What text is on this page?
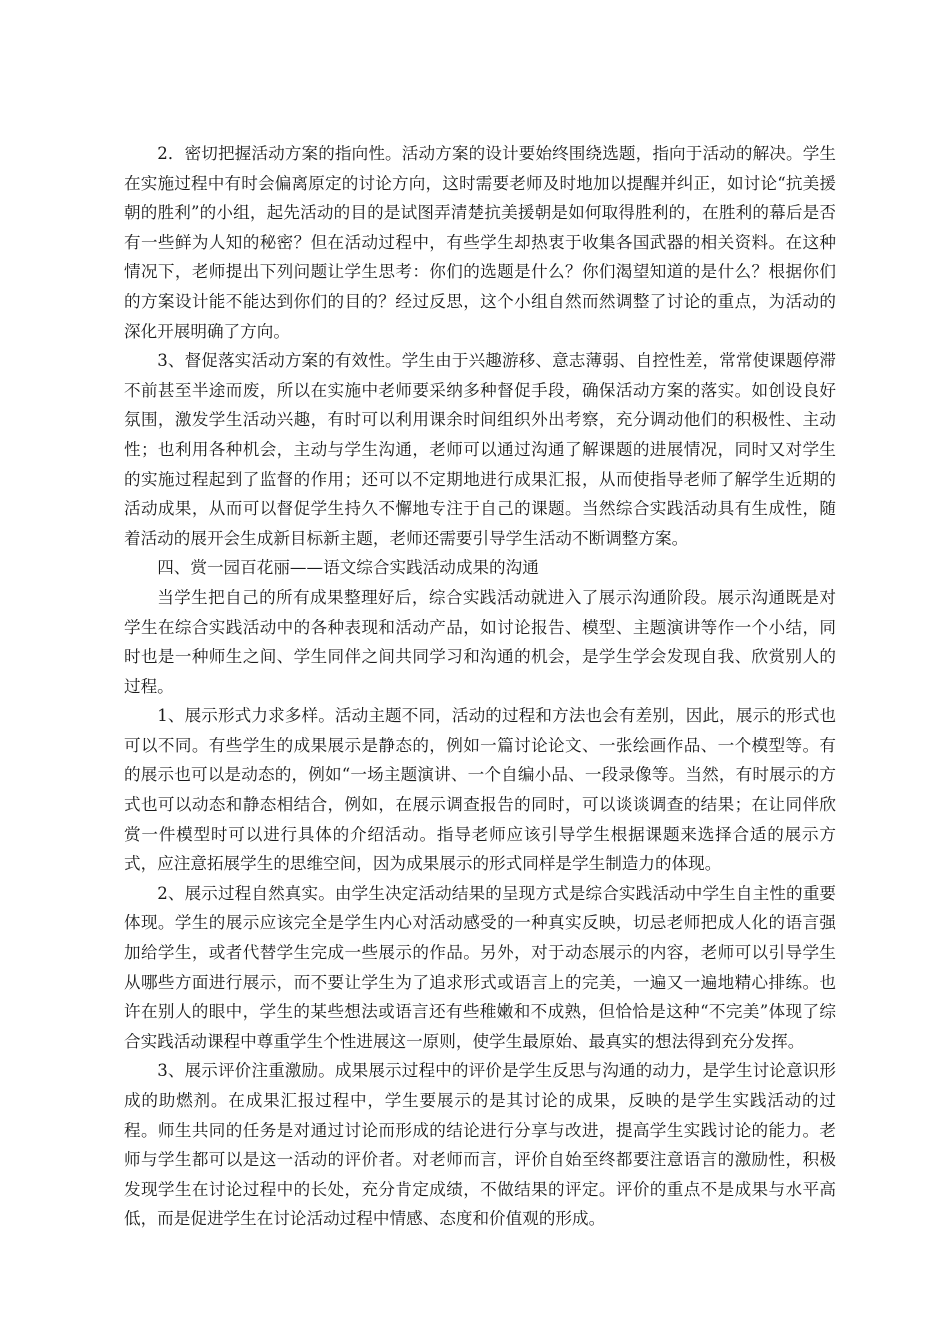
2．密切把握活动方案的指向性。活动方案的设计要始终围绕选题，指向于活动的解决。学生在实施过程中有时会偏离原定的讨论方向，这时需要老师及时地加以提醒并纠正，如讨论“抗美援朝的胜利”的小组，起先活动的目的是试图弄清楚抗美援朝是如何取得胜利的，在胜利的幕后是否有一些鲜为人知的秘密？但在活动过程中，有些学生却热衷于收集各国武器的相关资料。在这种情况下，老师提出下列问题让学生思考：你们的选题是什么？你们渴望知道的是什么？根据你们的方案设计能不能达到你们的目的？经过反思，这个小组自然而然调整了讨论的重点，为活动的深化开展明确了方向。

3、督促落实活动方案的有效性。学生由于兴趣游移、意志薄弱、自控性差，常常使课题停滞不前甚至半途而废，所以在实施中老师要采纳多种督促手段，确保活动方案的落实。如创设良好氛围，激发学生活动兴趣，有时可以利用课余时间组织外出考察，充分调动他们的积极性、主动性；也利用各种机会，主动与学生沟通，老师可以通过沟通了解课题的进展情况，同时又对学生的实施过程起到了监督的作用；还可以不定期地进行成果汇报，从而使指导老师了解学生近期的活动成果，从而可以督促学生持久不懈地专注于自己的课题。当然综合实践活动具有生成性，随着活动的展开会生成新目标新主题，老师还需要引导学生活动不断调整方案。

四、赏一园百花丽——语文综合实践活动成果的沟通

当学生把自己的所有成果整理好后，综合实践活动就进入了展示沟通阶段。展示沟通既是对学生在综合实践活动中的各种表现和活动产品，如讨论报告、模型、主题演讲等作一个小结，同时也是一种师生之间、学生同伴之间共同学习和沟通的机会，是学生学会发现自我、欣赏别人的过程。

1、展示形式力求多样。活动主题不同，活动的过程和方法也会有差别，因此，展示的形式也可以不同。有些学生的成果展示是静态的，例如一篇讨论论文、一张绘画作品、一个模型等。有的展示也可以是动态的，例如“一场主题演讲、一个自编小品、一段录像等。当然，有时展示的方式也可以动态和静态相结合，例如，在展示调查报告的同时，可以谈谈调查的结果；在让同伴欣赏一件模型时可以进行具体的介绍活动。指导老师应该引导学生根据课题来选择合适的展示方式，应注意拓展学生的思维空间，因为成果展示的形式同样是学生制造力的体现。

2、展示过程自然真实。由学生决定活动结果的呈现方式是综合实践活动中学生自主性的重要体现。学生的展示应该完全是学生内心对活动感受的一种真实反映，切忌老师把成人化的语言强加给学生，或者代替学生完成一些展示的作品。另外，对于动态展示的内容，老师可以引导学生从哪些方面进行展示，而不要让学生为了追求形式或语言上的完美，一遍又一遍地精心排练。也许在别人的眼中，学生的某些想法或语言还有些稚嫩和不成熟，但恰恰是这种“不完美”体现了综合实践活动课程中尊重学生个性进展这一原则，使学生最原始、最真实的想法得到充分发挥。

3、展示评价注重激励。成果展示过程中的评价是学生反思与沟通的动力，是学生讨论意识形成的助燃剂。在成果汇报过程中，学生要展示的是其讨论的成果，反映的是学生实践活动的过程。师生共同的任务是对通过讨论而形成的结论进行分享与改进，提高学生实践讨论的能力。老师与学生都可以是这一活动的评价者。对老师而言，评价自始至终都要注意语言的激励性，积极发现学生在讨论过程中的长处，充分肯定成绩，不做结果的评定。评价的重点不是成果与水平高低，而是促进学生在讨论活动过程中情感、态度和价值观的形成。
